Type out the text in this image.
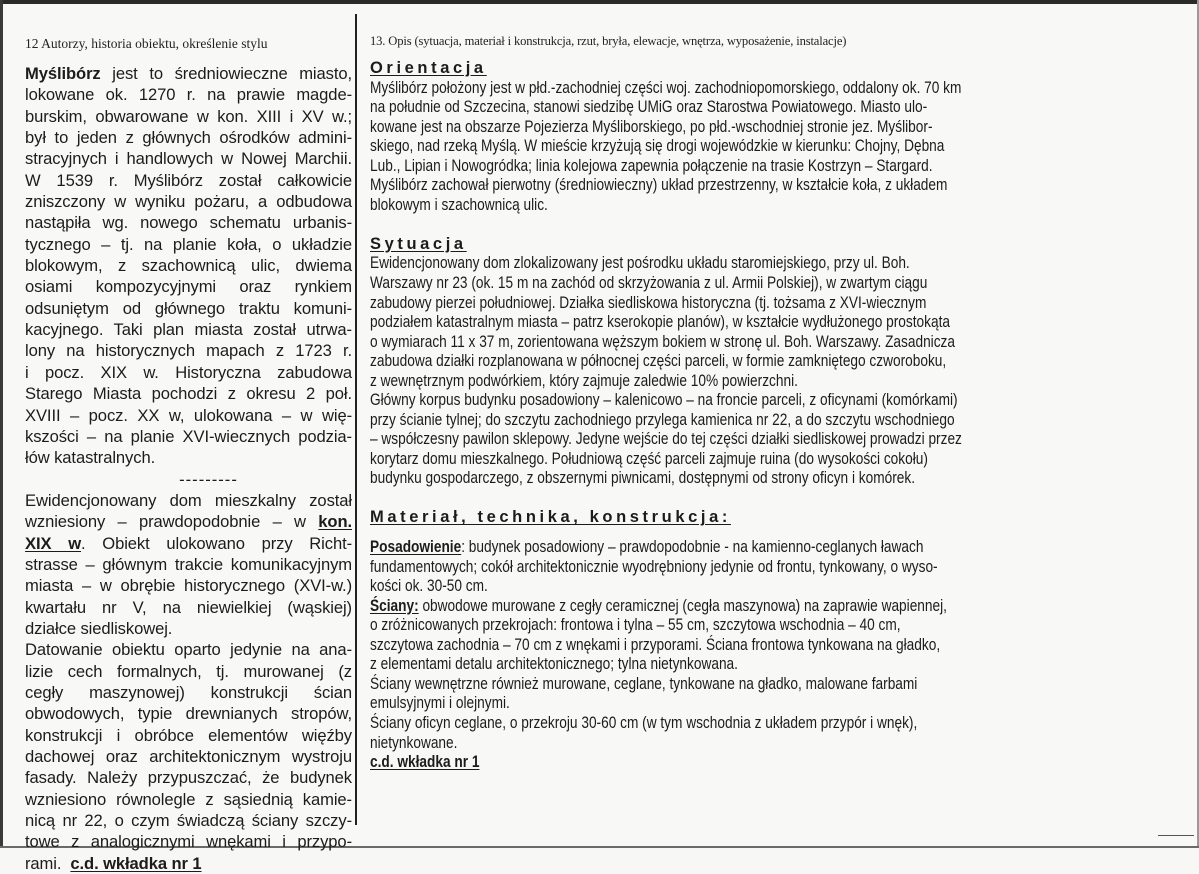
12 Autorzy, historia obiektu, określenie stylu
Myślibórz jest to średniowieczne miasto,
lokowane ok. 1270 r. na prawie magde-
burskim, obwarowane w kon. XIII i XV w.;
był to jeden z głównych ośrodków admini-
stracyjnych i handlowych w Nowej Marchii.
W 1539 r. Myślibórz został całkowicie
zniszczony w wyniku pożaru, a odbudowa
nastąpiła wg. nowego schematu urbanis-
tycznego – tj. na planie koła, o układzie
blokowym, z szachownicą ulic, dwiema
osiami kompozycyjnymi oraz rynkiem
odsuniętym od głównego traktu komuni-
kacyjnego. Taki plan miasta został utrwa-
lony na historycznych mapach z 1723 r.
i pocz. XIX w. Historyczna zabudowa
Starego Miasta pochodzi z okresu 2 poł.
XVIII – pocz. XX w, ulokowana – w wię-
kszości – na planie XVI-wiecznych podzia-
łów katastralnych.
---------
Ewidencjonowany dom mieszkalny został
wzniesiony – prawdopodobnie – w kon.
XIX w. Obiekt ulokowano przy Richt-
strasse – głównym trakcie komunikacyjnym
miasta – w obrębie historycznego (XVI-w.)
kwartału nr V, na niewielkiej (wąskiej)
działce siedliskowej.
Datowanie obiektu oparto jedynie na ana-
lizie cech formalnych, tj. murowanej (z
cegły maszynowej) konstrukcji ścian
obwodowych, typie drewnianych stropów,
konstrukcji i obróbce elementów więźby
dachowej oraz architektonicznym wystroju
fasady. Należy przypuszczać, że budynek
wzniesiono równolegle z sąsiednią kamie-
nicą nr 22, o czym świadczą ściany szczy-
towe z analogicznymi wnękami i przypo-
rami.  c.d. wkładka nr 1
13. Opis (sytuacja, materiał i konstrukcja, rzut, bryła, elewacje, wnętrza, wyposażenie, instalacje)
Orientacja
Myślibórz położony jest w płd.-zachodniej części woj. zachodniopomorskiego, oddalony ok. 70 km
na południe od Szczecina, stanowi siedzibę UMiG oraz Starostwa Powiatowego. Miasto ulo-
kowane jest na obszarze Pojezierza Myśliborskiego, po płd.-wschodniej stronie jez. Myślibor-
skiego, nad rzeką Myślą. W mieście krzyżują się drogi wojewódzkie w kierunku: Chojny, Dębna
Lub., Lipian i Nowogródka; linia kolejowa zapewnia połączenie na trasie Kostrzyn – Stargard.
Myślibórz zachował pierwotny (średniowieczny) układ przestrzenny, w kształcie koła, z układem
blokowym i szachownicą ulic.
Sytuacja
Ewidencjonowany dom zlokalizowany jest pośrodku układu staromiejskiego, przy ul. Boh.
Warszawy nr 23 (ok. 15 m na zachód od skrzyżowania z ul. Armii Polskiej), w zwartym ciągu
zabudowy pierzei południowej. Działka siedliskowa historyczna (tj. tożsama z XVI-wiecznym
podziałem katastralnym miasta – patrz kserokopie planów), w kształcie wydłużonego prostokąta
o wymiarach 11 x 37 m, zorientowana węższym bokiem w stronę ul. Boh. Warszawy. Zasadnicza
zabudowa działki rozplanowana w północnej części parceli, w formie zamkniętego czworoboku,
z wewnętrznym podwórkiem, który zajmuje zaledwie 10% powierzchni.
Główny korpus budynku posadowiony – kalenicowo – na froncie parceli, z oficynami (komórkami)
przy ścianie tylnej; do szczytu zachodniego przylega kamienica nr 22, a do szczytu wschodniego
– współczesny pawilon sklepowy. Jedyne wejście do tej części działki siedliskowej prowadzi przez
korytarz domu mieszkalnego. Południową część parceli zajmuje ruina (do wysokości cokołu)
budynku gospodarczego, z obszernymi piwnicami, dostępnymi od strony oficyn i komórek.
Materiał, technika, konstrukcja:
Posadowienie: budynek posadowiony – prawdopodobnie - na kamienno-ceglanych ławach
fundamentowych; cokół architektonicznie wyodrębniony jedynie od frontu, tynkowany, o wyso-
kości ok. 30-50 cm.
Ściany: obwodowe murowane z cegły ceramicznej (cegła maszynowa) na zaprawie wapiennej,
o zróżnicowanych przekrojach: frontowa i tylna – 55 cm, szczytowa wschodnia – 40 cm,
szczytowa zachodnia – 70 cm z wnękami i przyporami. Ściana frontowa tynkowana na gładko,
z elementami detalu architektonicznego; tylna nietynkowana.
Ściany wewnętrzne również murowane, ceglane, tynkowane na gładko, malowane farbami
emulsyjnymi i olejnymi.
Ściany oficyn ceglane, o przekroju 30-60 cm (w tym wschodnia z układem przypór i wnęk),
nietynkowane.
c.d. wkładka nr 1
